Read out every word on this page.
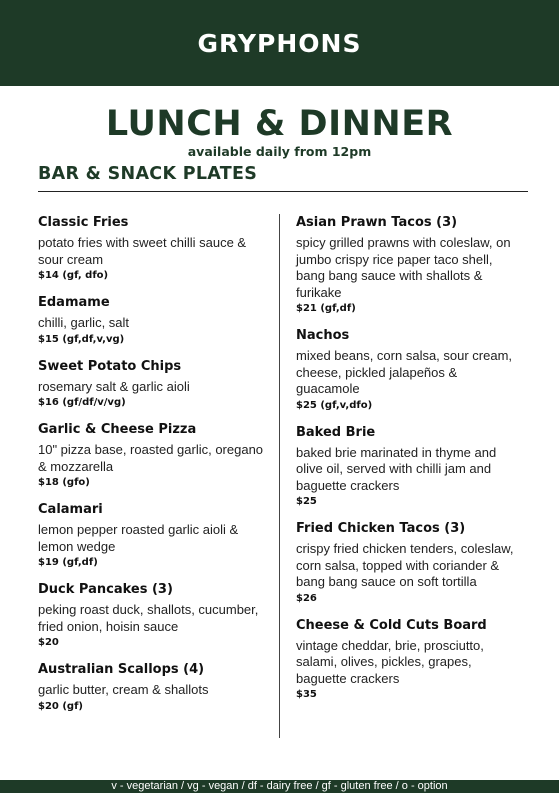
GRYPHONS
LUNCH & DINNER
available daily from 12pm
BAR & SNACK PLATES
Classic Fries
potato fries with sweet chilli sauce & sour cream
$14 (gf, dfo)
Edamame
chilli, garlic, salt
$15 (gf,df,v,vg)
Sweet Potato Chips
rosemary salt & garlic aioli
$16 (gf/df/v/vg)
Garlic & Cheese Pizza
10" pizza base, roasted garlic, oregano & mozzarella
$18 (gfo)
Calamari
lemon pepper roasted garlic aioli & lemon wedge
$19 (gf,df)
Duck Pancakes (3)
peking roast duck, shallots, cucumber, fried onion, hoisin sauce
$20
Australian Scallops (4)
garlic butter, cream & shallots
$20 (gf)
Asian Prawn Tacos (3)
spicy grilled prawns with coleslaw, on jumbo crispy rice paper taco shell, bang bang sauce with shallots & furikake
$21 (gf,df)
Nachos
mixed beans, corn salsa, sour cream, cheese, pickled jalapeños & guacamole
$25 (gf,v,dfo)
Baked Brie
baked brie marinated in thyme and olive oil, served with chilli jam and baguette crackers
$25
Fried Chicken Tacos (3)
crispy fried chicken tenders, coleslaw, corn salsa, topped with coriander & bang bang sauce on soft tortilla
$26
Cheese & Cold Cuts Board
vintage cheddar, brie, prosciutto, salami, olives, pickles, grapes, baguette crackers
$35
v - vegetarian / vg - vegan / df - dairy free / gf - gluten free / o - option
